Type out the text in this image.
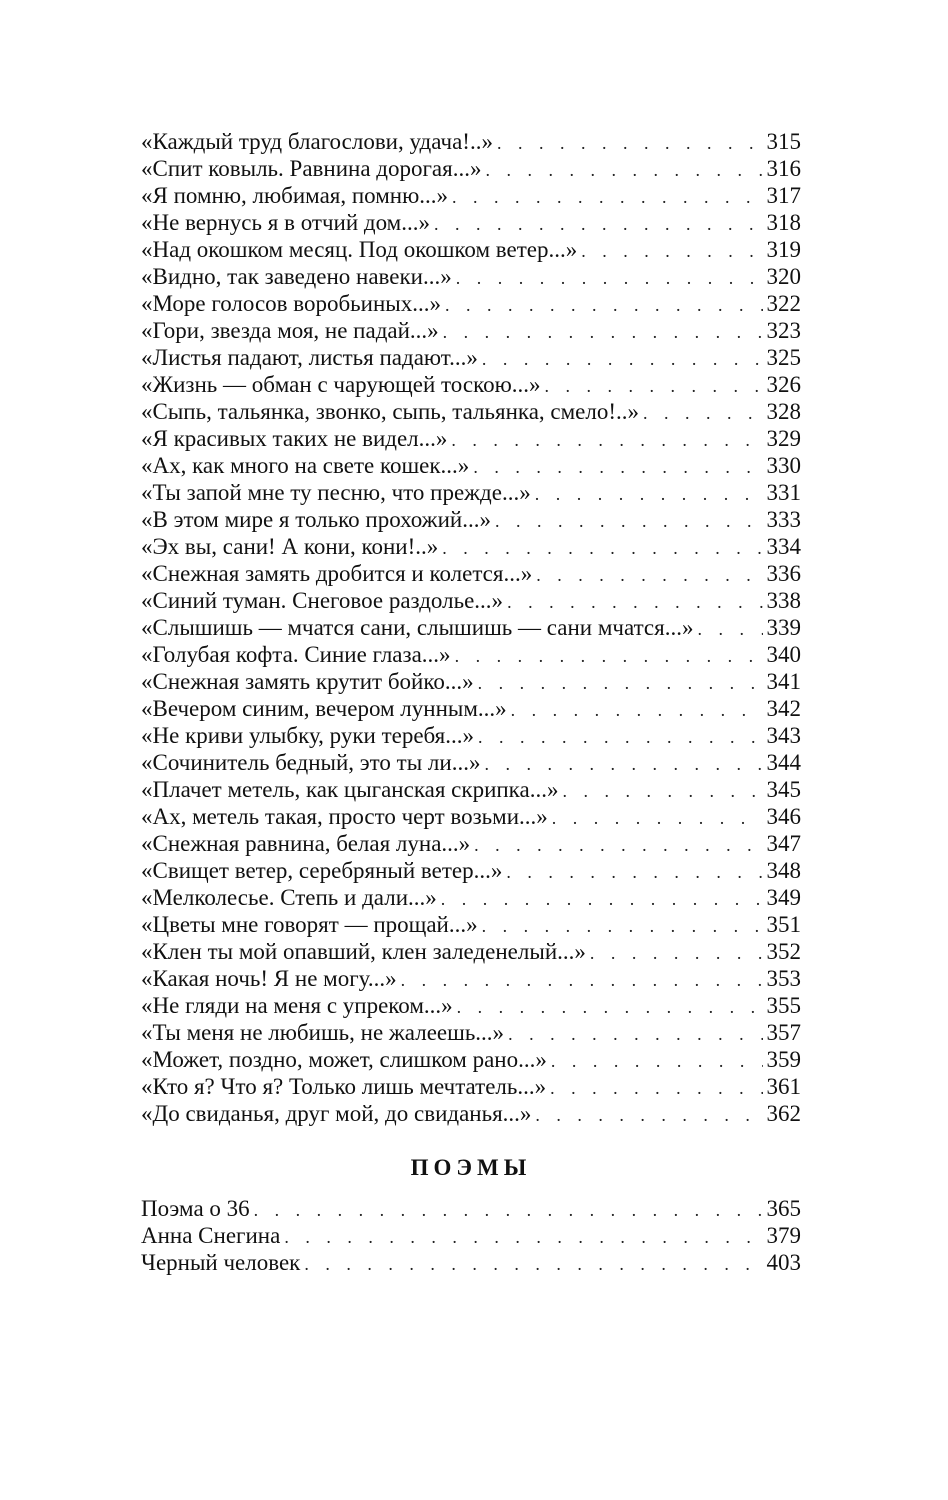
«Каждый труд благослови, удача!..» . . .	315
«Спит ковыль. Равнина дорогая...» . . .	316
«Я помню, любимая, помню...» . . .	317
«Не вернусь я в отчий дом...» . . .	318
«Над окошком месяц. Под окошком ветер...» . . .	319
«Видно, так заведено навеки...» . . .	320
«Море голосов воробьиных...» . . .	322
«Гори, звезда моя, не падай...» . . .	323
«Листья падают, листья падают...» . . .	325
«Жизнь — обман с чарующей тоскою...» . . .	326
«Сыпь, тальянка, звонко, сыпь, тальянка, смело!..» . . .	328
«Я красивых таких не видел...» . . .	329
«Ах, как много на свете кошек...» . . .	330
«Ты запой мне ту песню, что прежде...» . . .	331
«В этом мире я только прохожий...» . . .	333
«Эх вы, сани! А кони, кони!..» . . .	334
«Снежная замять дробится и колется...» . . .	336
«Синий туман. Снеговое раздолье...» . . .	338
«Слышишь — мчатся сани, слышишь — сани мчатся...» . . .	339
«Голубая кофта. Синие глаза...» . . .	340
«Снежная замять крутит бойко...» . . .	341
«Вечером синим, вечером лунным...» . . .	342
«Не криви улыбку, руки теребя...» . . .	343
«Сочинитель бедный, это ты ли...» . . .	344
«Плачет метель, как цыганская скрипка...» . . .	345
«Ах, метель такая, просто черт возьми...» . . .	346
«Снежная равнина, белая луна...» . . .	347
«Свищет ветер, серебряный ветер...» . . .	348
«Мелколесье. Степь и дали...» . . .	349
«Цветы мне говорят — прощай...» . . .	351
«Клен ты мой опавший, клен заледенелый...» . . .	352
«Какая ночь! Я не могу...» . . .	353
«Не гляди на меня с упреком...» . . .	355
«Ты меня не любишь, не жалеешь...» . . .	357
«Может, поздно, может, слишком рано...» . . .	359
«Кто я? Что я? Только лишь мечтатель...» . . .	361
«До свиданья, друг мой, до свиданья...» . . .	362
ПОЭМЫ
Поэма о 36 . . .	365
Анна Снегина . . .	379
Черный человек . . .	403
